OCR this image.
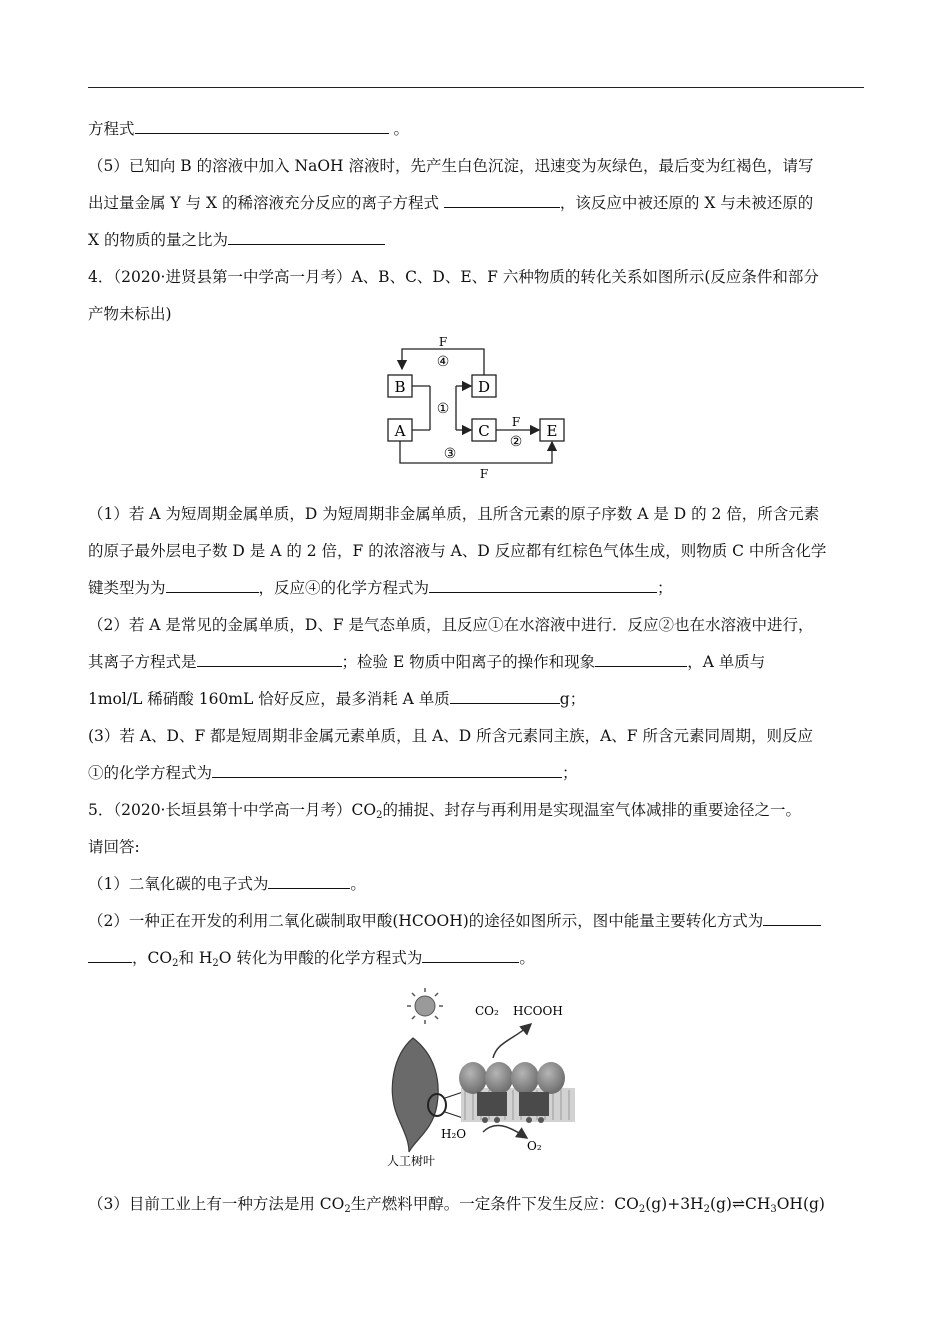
方程式	。
（5）已知向 B 的溶液中加入 NaOH 溶液时，先产生白色沉淀，迅速变为灰绿色，最后变为红褐色，请写
出过量金属 Y 与 X 的稀溶液充分反应的离子方程式	，该反应中被还原的 X 与未被还原的
X 的物质的量之比为
4．（2020·进贤县第一中学高一月考）A、B、C、D、E、F 六种物质的转化关系如图所示(反应条件和部分
产物未标出)
F
④
B	D
A	C	E
①
F
②
③
F
（1）若 A 为短周期金属单质，D 为短周期非金属单质，且所含元素的原子序数 A 是 D 的 2 倍，所含元素
的原子最外层电子数 D 是 A 的 2 倍，F 的浓溶液与 A、D 反应都有红棕色气体生成，则物质 C 中所含化学
键类型为为	，反应④的化学方程式为	；
（2）若 A 是常见的金属单质，D、F 是气态单质，且反应①在水溶液中进行．反应②也在水溶液中进行，
其离子方程式是	；检验 E 物质中阳离子的操作和现象	，A 单质与
1mol/L 稀硝酸 160mL 恰好反应，最多消耗 A 单质	g；
(3）若 A、D、F 都是短周期非金属元素单质，且 A、D 所含元素同主族，A、F 所含元素同周期，则反应
①的化学方程式为	；
5．（2020·长垣县第十中学高一月考）$CO_2$的捕捉、封存与再利用是实现温室气体减排的重要途径之一。
请回答:
（1）二氧化碳的电子式为	。
（2）一种正在开发的利用二氧化碳制取甲酸(HCOOH)的途径如图所示，图中能量主要转化方式为
，$CO_2$和 $H_2O$ 转化为甲酸的化学方程式为	。
CO₂ HCOOH
H₂O
O₂
人工树叶
（3）目前工业上有一种方法是用 $CO_2$生产燃料甲醇。一定条件下发生反应：$CO_2(g)+3H_2(g)\rightleftharpoons CH_3OH(g)$
